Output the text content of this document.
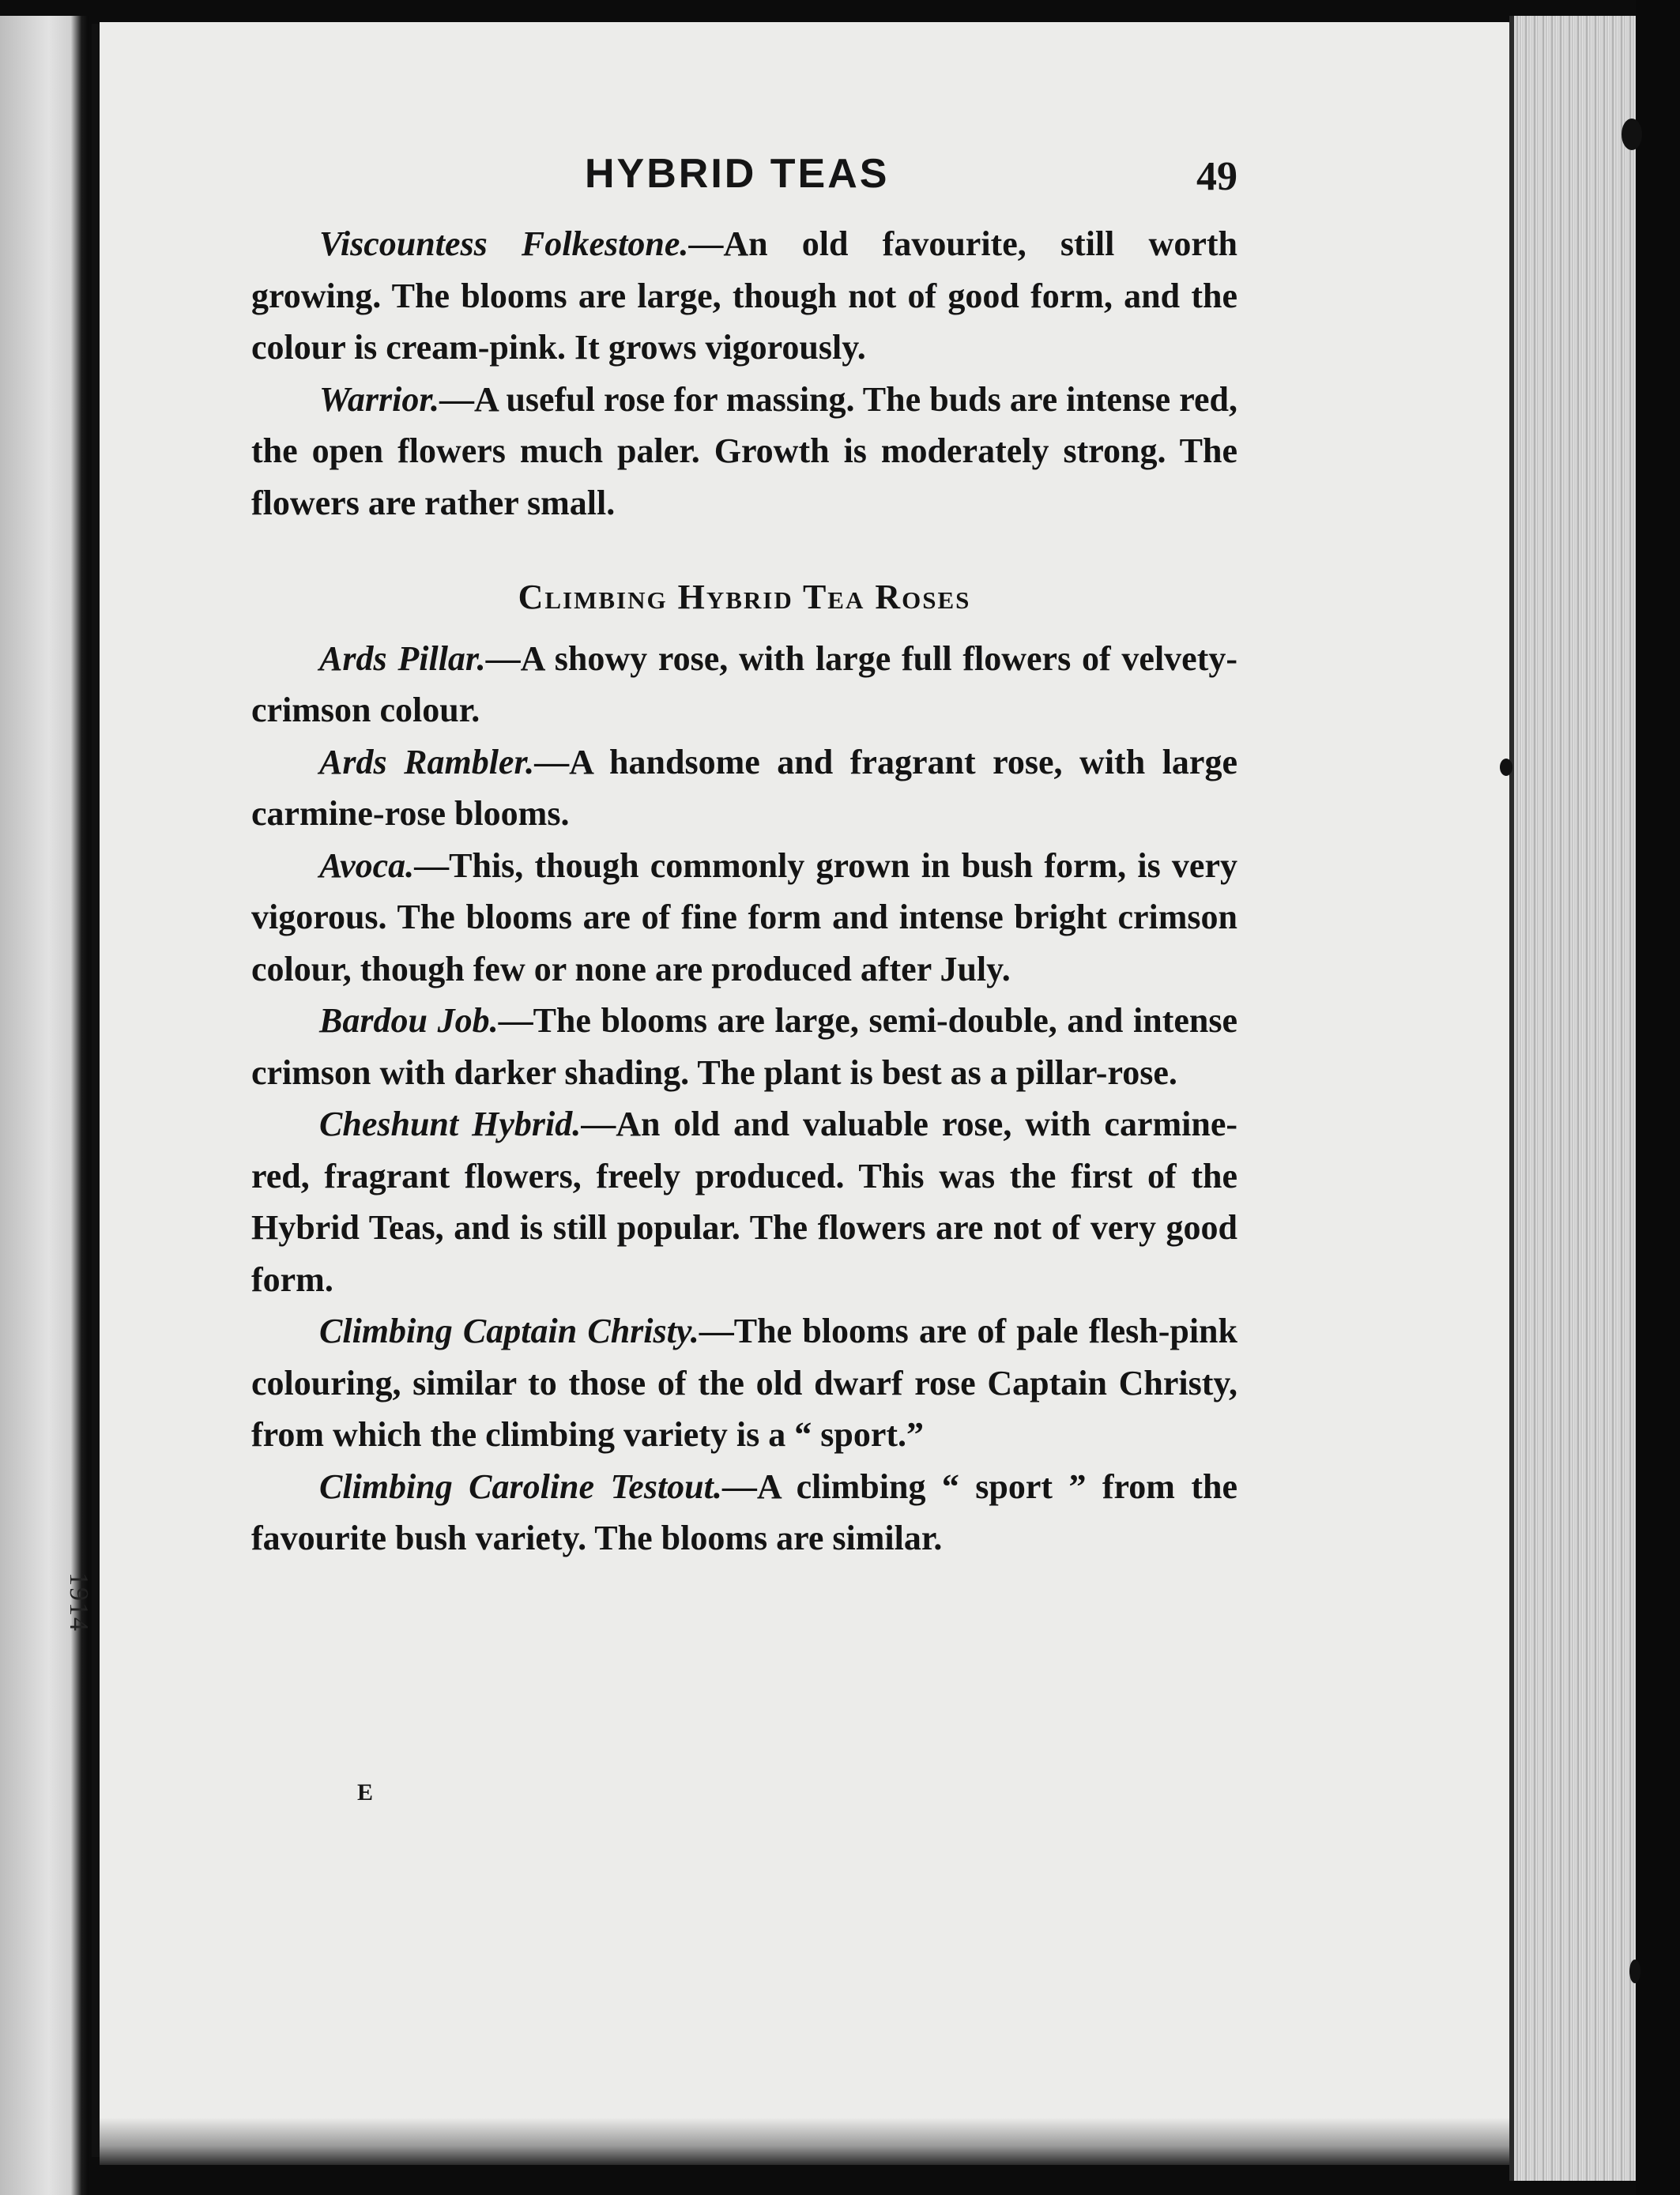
1914
HYBRID TEAS	49

Viscountess Folkestone.—An old favourite, still worth growing. The blooms are large, though not of good form, and the colour is cream-pink. It grows vigorously.

Warrior.—A useful rose for massing. The buds are intense red, the open flowers much paler. Growth is moderately strong. The flowers are rather small.

Climbing Hybrid Tea Roses

Ards Pillar.—A showy rose, with large full flowers of velvety-crimson colour.

Ards Rambler.—A handsome and fragrant rose, with large carmine-rose blooms.

Avoca.—This, though commonly grown in bush form, is very vigorous. The blooms are of fine form and intense bright crimson colour, though few or none are produced after July.

Bardou Job.—The blooms are large, semi-double, and intense crimson with darker shading. The plant is best as a pillar-rose.

Cheshunt Hybrid.—An old and valuable rose, with carmine-red, fragrant flowers, freely produced. This was the first of the Hybrid Teas, and is still popular. The flowers are not of very good form.

Climbing Captain Christy.—The blooms are of pale flesh-pink colouring, similar to those of the old dwarf rose Captain Christy, from which the climbing variety is a “ sport.”

Climbing Caroline Testout.—A climbing “ sport ” from the favourite bush variety. The blooms are similar.

E
